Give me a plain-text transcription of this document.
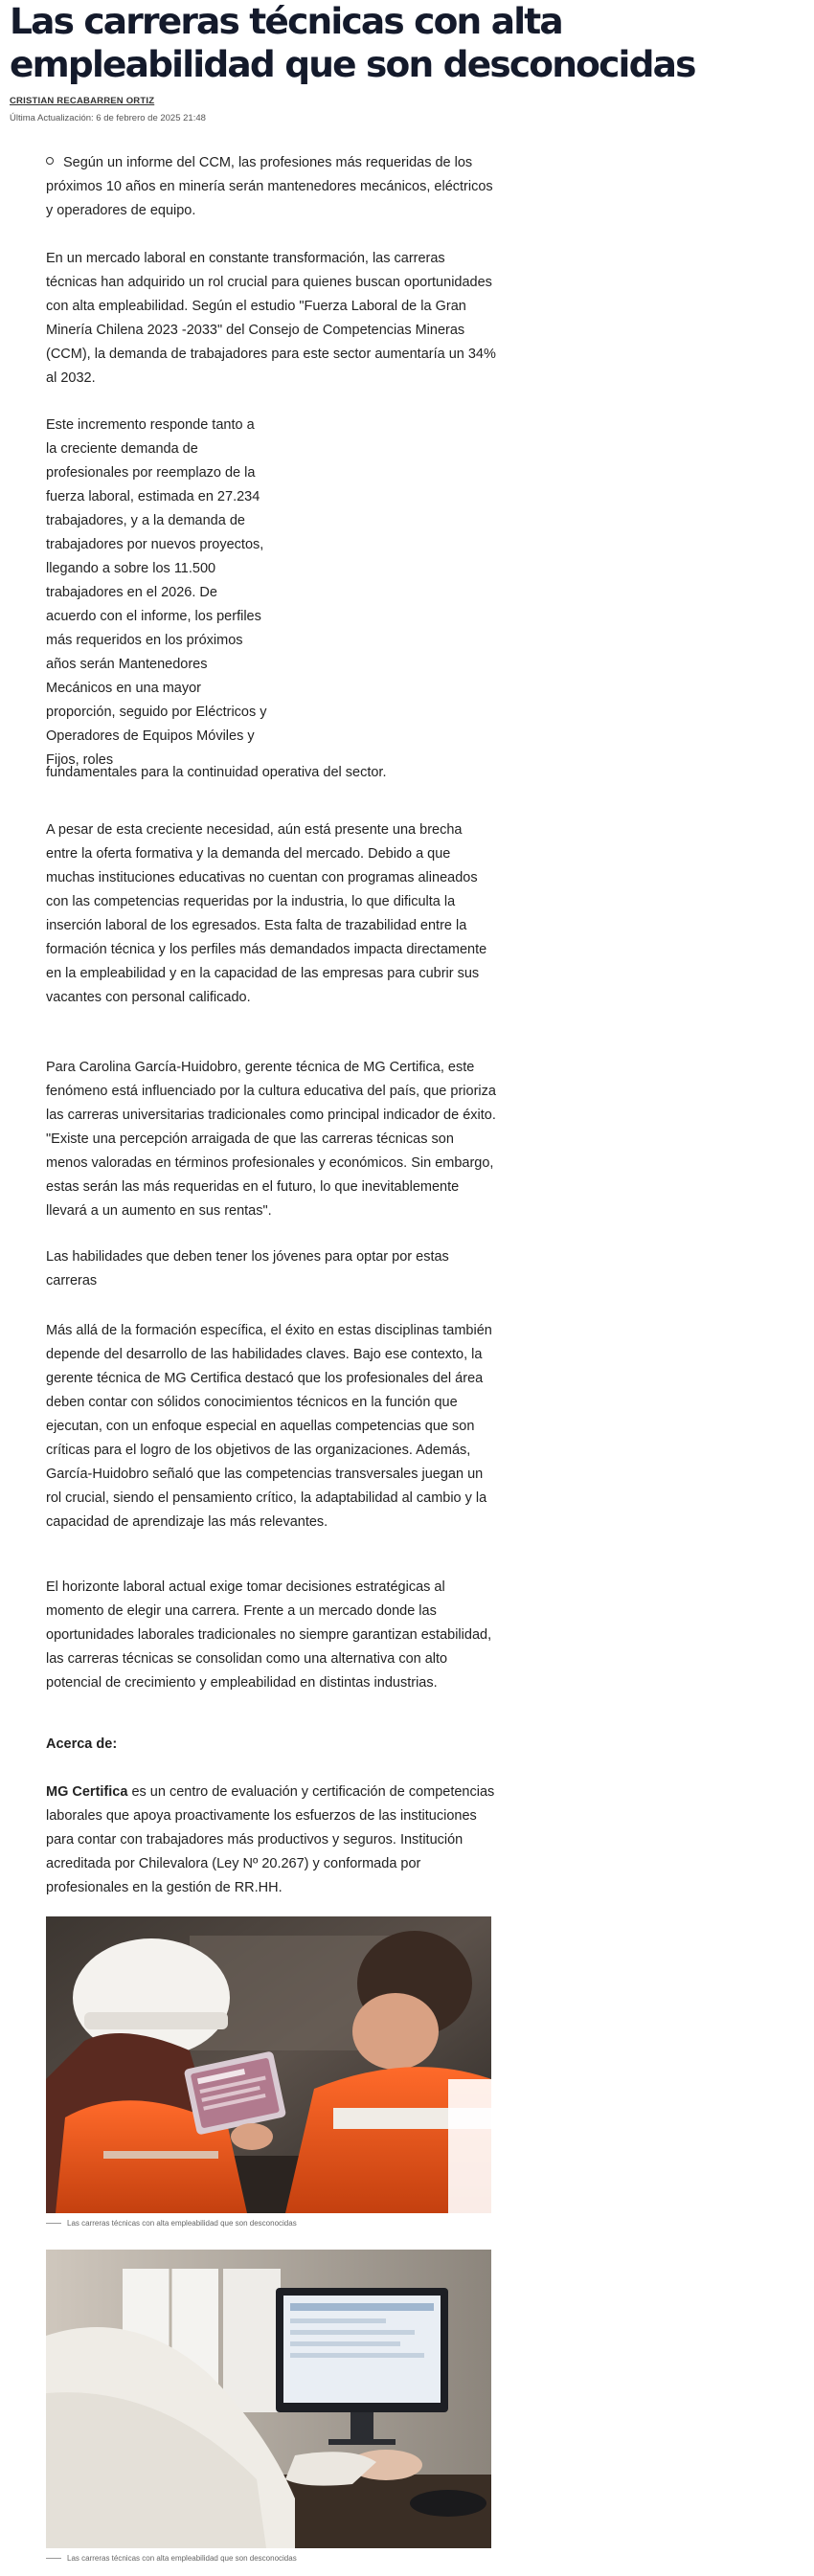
Las carreras técnicas con alta empleabilidad que son desconocidas
CRISTIAN RECABARREN ORTIZ
Última Actualización: 6 de febrero de 2025 21:48
Según un informe del CCM, las profesiones más requeridas de los próximos 10 años en minería serán mantenedores mecánicos, eléctricos y operadores de equipo.

En un mercado laboral en constante transformación, las carreras técnicas han adquirido un rol crucial para quienes buscan oportunidades con alta empleabilidad. Según el estudio "Fuerza Laboral de la Gran Minería Chilena 2023 -2033" del Consejo de Competencias Mineras (CCM), la demanda de trabajadores para este sector aumentaría un 34% al 2032.

Este incremento responde tanto a la creciente demanda de profesionales por reemplazo de la fuerza laboral, estimada en 27.234 trabajadores, y a la demanda de trabajadores por nuevos proyectos, llegando a sobre los 11.500 trabajadores en el 2026. De acuerdo con el informe, los perfiles más requeridos en los próximos años serán Mantenedores Mecánicos en una mayor proporción, seguido por Eléctricos y Operadores de Equipos Móviles y Fijos, roles

fundamentales para la continuidad operativa del sector.

A pesar de esta creciente necesidad, aún está presente una brecha entre la oferta formativa y la demanda del mercado. Debido a que muchas instituciones educativas no cuentan con programas alineados con las competencias requeridas por la industria, lo que dificulta la inserción laboral de los egresados. Esta falta de trazabilidad entre la formación técnica y los perfiles más demandados impacta directamente en la empleabilidad y en la capacidad de las empresas para cubrir sus vacantes con personal calificado.

Para Carolina García-Huidobro, gerente técnica de MG Certifica, este fenómeno está influenciado por la cultura educativa del país, que prioriza las carreras universitarias tradicionales como principal indicador de éxito. "Existe una percepción arraigada de que las carreras técnicas son menos valoradas en términos profesionales y económicos. Sin embargo, estas serán las más requeridas en el futuro, lo que inevitablemente llevará a un aumento en sus rentas".

Las habilidades que deben tener los jóvenes para optar por estas carreras

Más allá de la formación específica, el éxito en estas disciplinas también depende del desarrollo de las habilidades claves. Bajo ese contexto, la gerente técnica de MG Certifica destacó que los profesionales del área deben contar con sólidos conocimientos técnicos en la función que ejecutan, con un enfoque especial en aquellas competencias que son críticas para el logro de los objetivos de las organizaciones. Además, García-Huidobro señaló que las competencias transversales juegan un rol crucial, siendo el pensamiento crítico, la adaptabilidad al cambio y la capacidad de aprendizaje las más relevantes.

El horizonte laboral actual exige tomar decisiones estratégicas al momento de elegir una carrera. Frente a un mercado donde las oportunidades laborales tradicionales no siempre garantizan estabilidad, las carreras técnicas se consolidan como una alternativa con alto potencial de crecimiento y empleabilidad en distintas industrias.

Acerca de:

MG Certifica es un centro de evaluación y certificación de competencias laborales que apoya proactivamente los esfuerzos de las instituciones para contar con trabajadores más productivos y seguros. Institución acreditada por Chilevalora (Ley Nº 20.267) y conformada por profesionales en la gestión de RR.HH.

Las carreras técnicas con alta empleabilidad que son desconocidas
Las carreras técnicas con alta empleabilidad que son desconocidas
